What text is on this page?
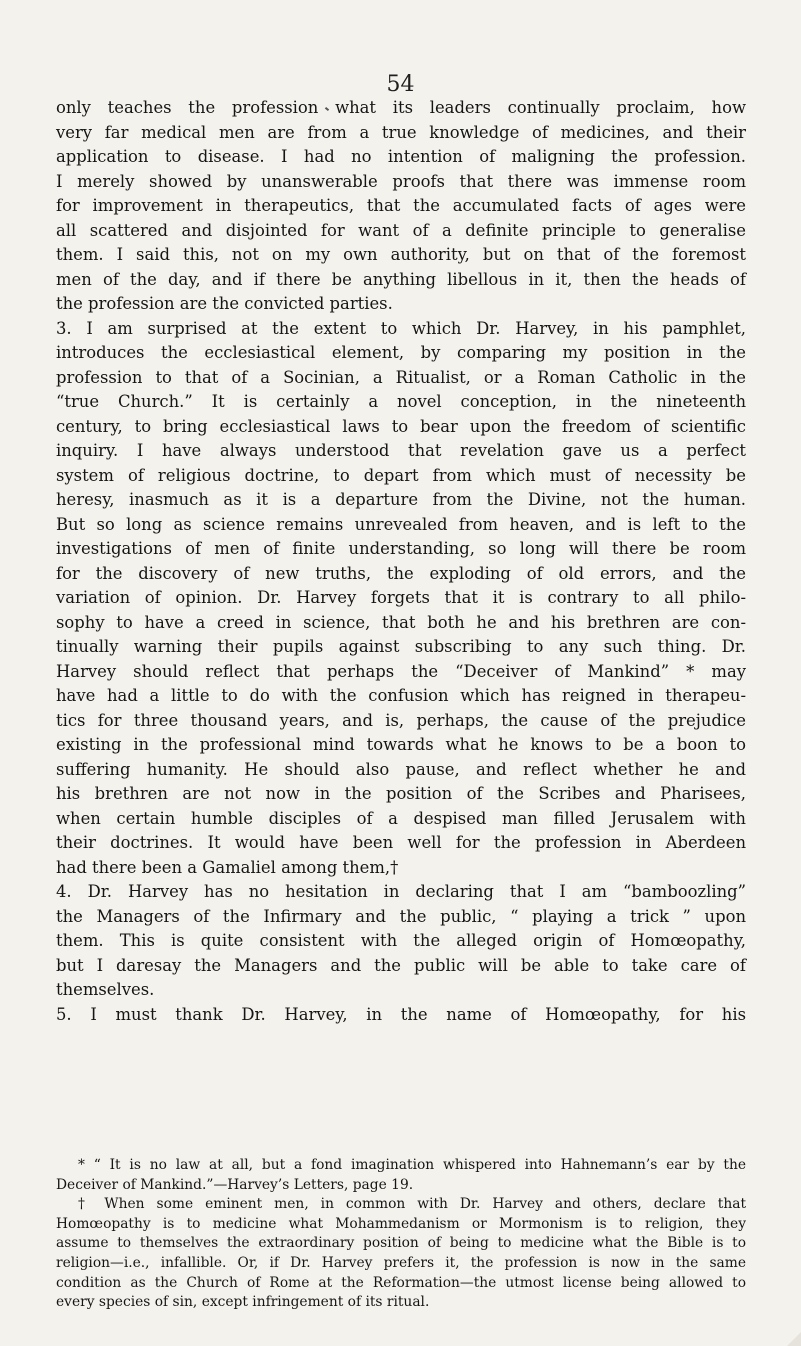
54
only teaches the profession what its leaders continually proclaim, how
very far medical men are from a true knowledge of medicines, and their
application to disease. I had no intention of maligning the profession.
I merely showed by unanswerable proofs that there was immense room
for improvement in therapeutics, that the accumulated facts of ages were
all scattered and disjointed for want of a definite principle to generalise
them. I said this, not on my own authority, but on that of the foremost
men of the day, and if there be anything libellous in it, then the heads of
the profession are the convicted parties.
3. I am surprised at the extent to which Dr. Harvey, in his pamphlet,
introduces the ecclesiastical element, by comparing my position in the
profession to that of a Socinian, a Ritualist, or a Roman Catholic in the
“true Church.” It is certainly a novel conception, in the nineteenth
century, to bring ecclesiastical laws to bear upon the freedom of scientific
inquiry. I have always understood that revelation gave us a perfect
system of religious doctrine, to depart from which must of necessity be
heresy, inasmuch as it is a departure from the Divine, not the human.
But so long as science remains unrevealed from heaven, and is left to the
investigations of men of finite understanding, so long will there be room
for the discovery of new truths, the exploding of old errors, and the
variation of opinion. Dr. Harvey forgets that it is contrary to all philo-
sophy to have a creed in science, that both he and his brethren are con-
tinually warning their pupils against subscribing to any such thing. Dr.
Harvey should reflect that perhaps the “Deceiver of Mankind” * may
have had a little to do with the confusion which has reigned in therapeu-
tics for three thousand years, and is, perhaps, the cause of the prejudice
existing in the professional mind towards what he knows to be a boon to
suffering humanity. He should also pause, and reflect whether he and
his brethren are not now in the position of the Scribes and Pharisees,
when certain humble disciples of a despised man filled Jerusalem with
their doctrines. It would have been well for the profession in Aberdeen
had there been a Gamaliel among them,†
4. Dr. Harvey has no hesitation in declaring that I am “bamboozling”
the Managers of the Infirmary and the public, “ playing a trick ” upon
them. This is quite consistent with the alleged origin of Homœopathy,
but I daresay the Managers and the public will be able to take care of
themselves.
5. I must thank Dr. Harvey, in the name of Homœopathy, for his
* “ It is no law at all, but a fond imagination whispered into Hahnemann’s ear by the
Deceiver of Mankind.”—Harvey’s Letters, page 19.
† When some eminent men, in common with Dr. Harvey and others, declare that
Homœopathy is to medicine what Mohammedanism or Mormonism is to religion, they
assume to themselves the extraordinary position of being to medicine what the Bible is to
religion—i.e., infallible. Or, if Dr. Harvey prefers it, the profession is now in the same
condition as the Church of Rome at the Reformation—the utmost license being allowed to
every species of sin, except infringement of its ritual.
